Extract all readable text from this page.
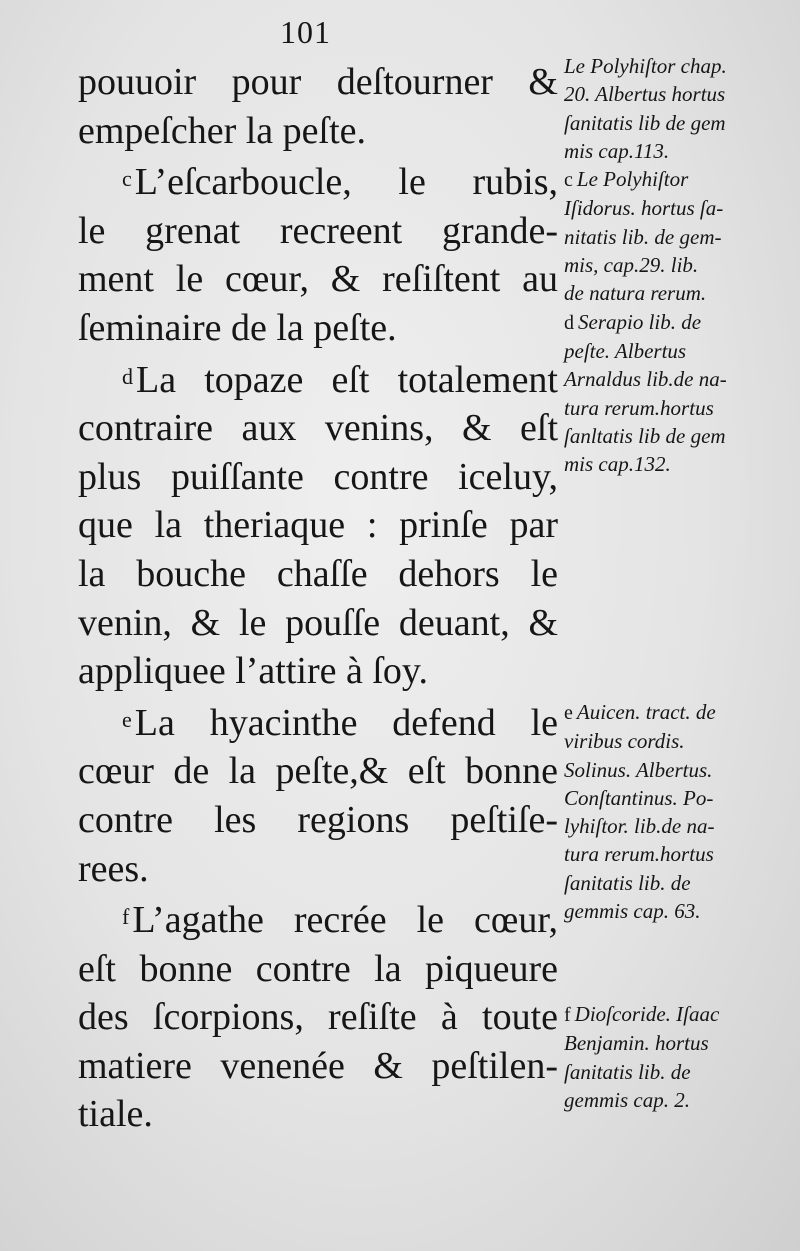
101
pouuoir pour deſtourner &
empeſcher la peſte.
$^c$L’eſcarboucle, le rubis,
le grenat recreent grande-
ment le cœur, & reſiſtent au
ſeminaire de la peſte.
$^d$La topaze eſt totalement
contraire aux venins, & eſt
plus puiſſante contre iceluy,
que la theriaque : prinſe par
la bouche chaſſe dehors le
venin, & le pouſſe deuant, &
appliquee l’attire à ſoy.
$^e$La hyacinthe defend le
cœur de la peſte,& eſt bonne
contre les regions peſtiſe-
rees.
$^f$L’agathe recrée le cœur,
eſt bonne contre la piqueure
des ſcorpions, reſiſte à toute
matiere venenée & peſtilen-
tiale.
Le Polyhiſtor chap.
20. Albertus hortus
ſanitatis lib de gem
mis cap.113.
c Le Polyhiſtor
Iſidorus. hortus ſa-
nitatis lib. de gem-
mis, cap.29. lib.
de natura rerum.
d Serapio lib. de
peſte. Albertus
Arnaldus lib.de na-
tura rerum.hortus
ſanltatis lib de gem
mis cap.132.
e Auicen. tract. de
viribus cordis.
Solinus. Albertus.
Conſtantinus. Po-
lyhiſtor. lib.de na-
tura rerum.hortus
ſanitatis lib. de
gemmis cap. 63.
f Dioſcoride. Iſaac
Benjamin. hortus
ſanitatis lib. de
gemmis cap. 2.
